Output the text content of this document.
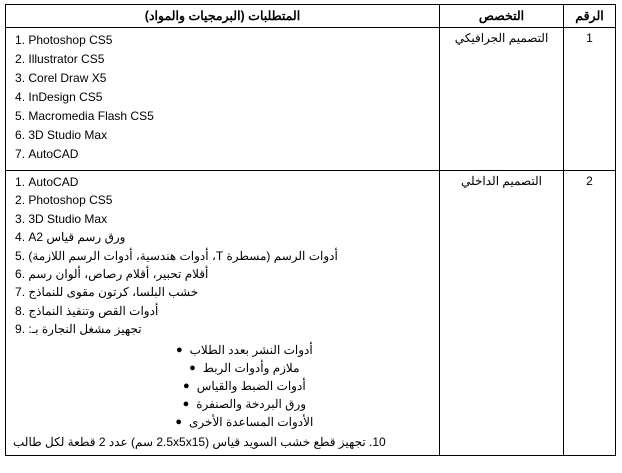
الرقم	التخصص	المتطلبات (البرمجيات والمواد)
1	التصميم الجرافيكي	
Photoshop CS5 .1
Illustrator CS5 .2
Corel Draw X5 .3
InDesign CS5 .4
Macromedia Flash CS5 .5
3D Studio Max .6
AutoCAD .7

2	التصميم الداخلي	
AutoCAD .1
Photoshop CS5 .2
3D Studio Max .3
ورق رسم قياس A2 .4
أدوات الرسم (مسطرة T، أدوات هندسية، أدوات الرسم اللازمة) .5
أقلام تحبير، أقلام رصاص، ألوان رسم .6
خشب البلسا، كرتون مقوى للنماذج .7
أدوات القص وتنفيذ النماذج .8
تجهيز مشغل النجارة بـ: .9
أدوات النشر بعدد الطلاب ●
ملازم وأدوات الربط ●
أدوات الضبط والقياس ●
ورق البردخة والصنفرة ●
الأدوات المساعدة الأخرى ●
10. تجهيز قطع خشب السويد قياس (2.5x5x15 سم) عدد 2 قطعة لكل طالب
